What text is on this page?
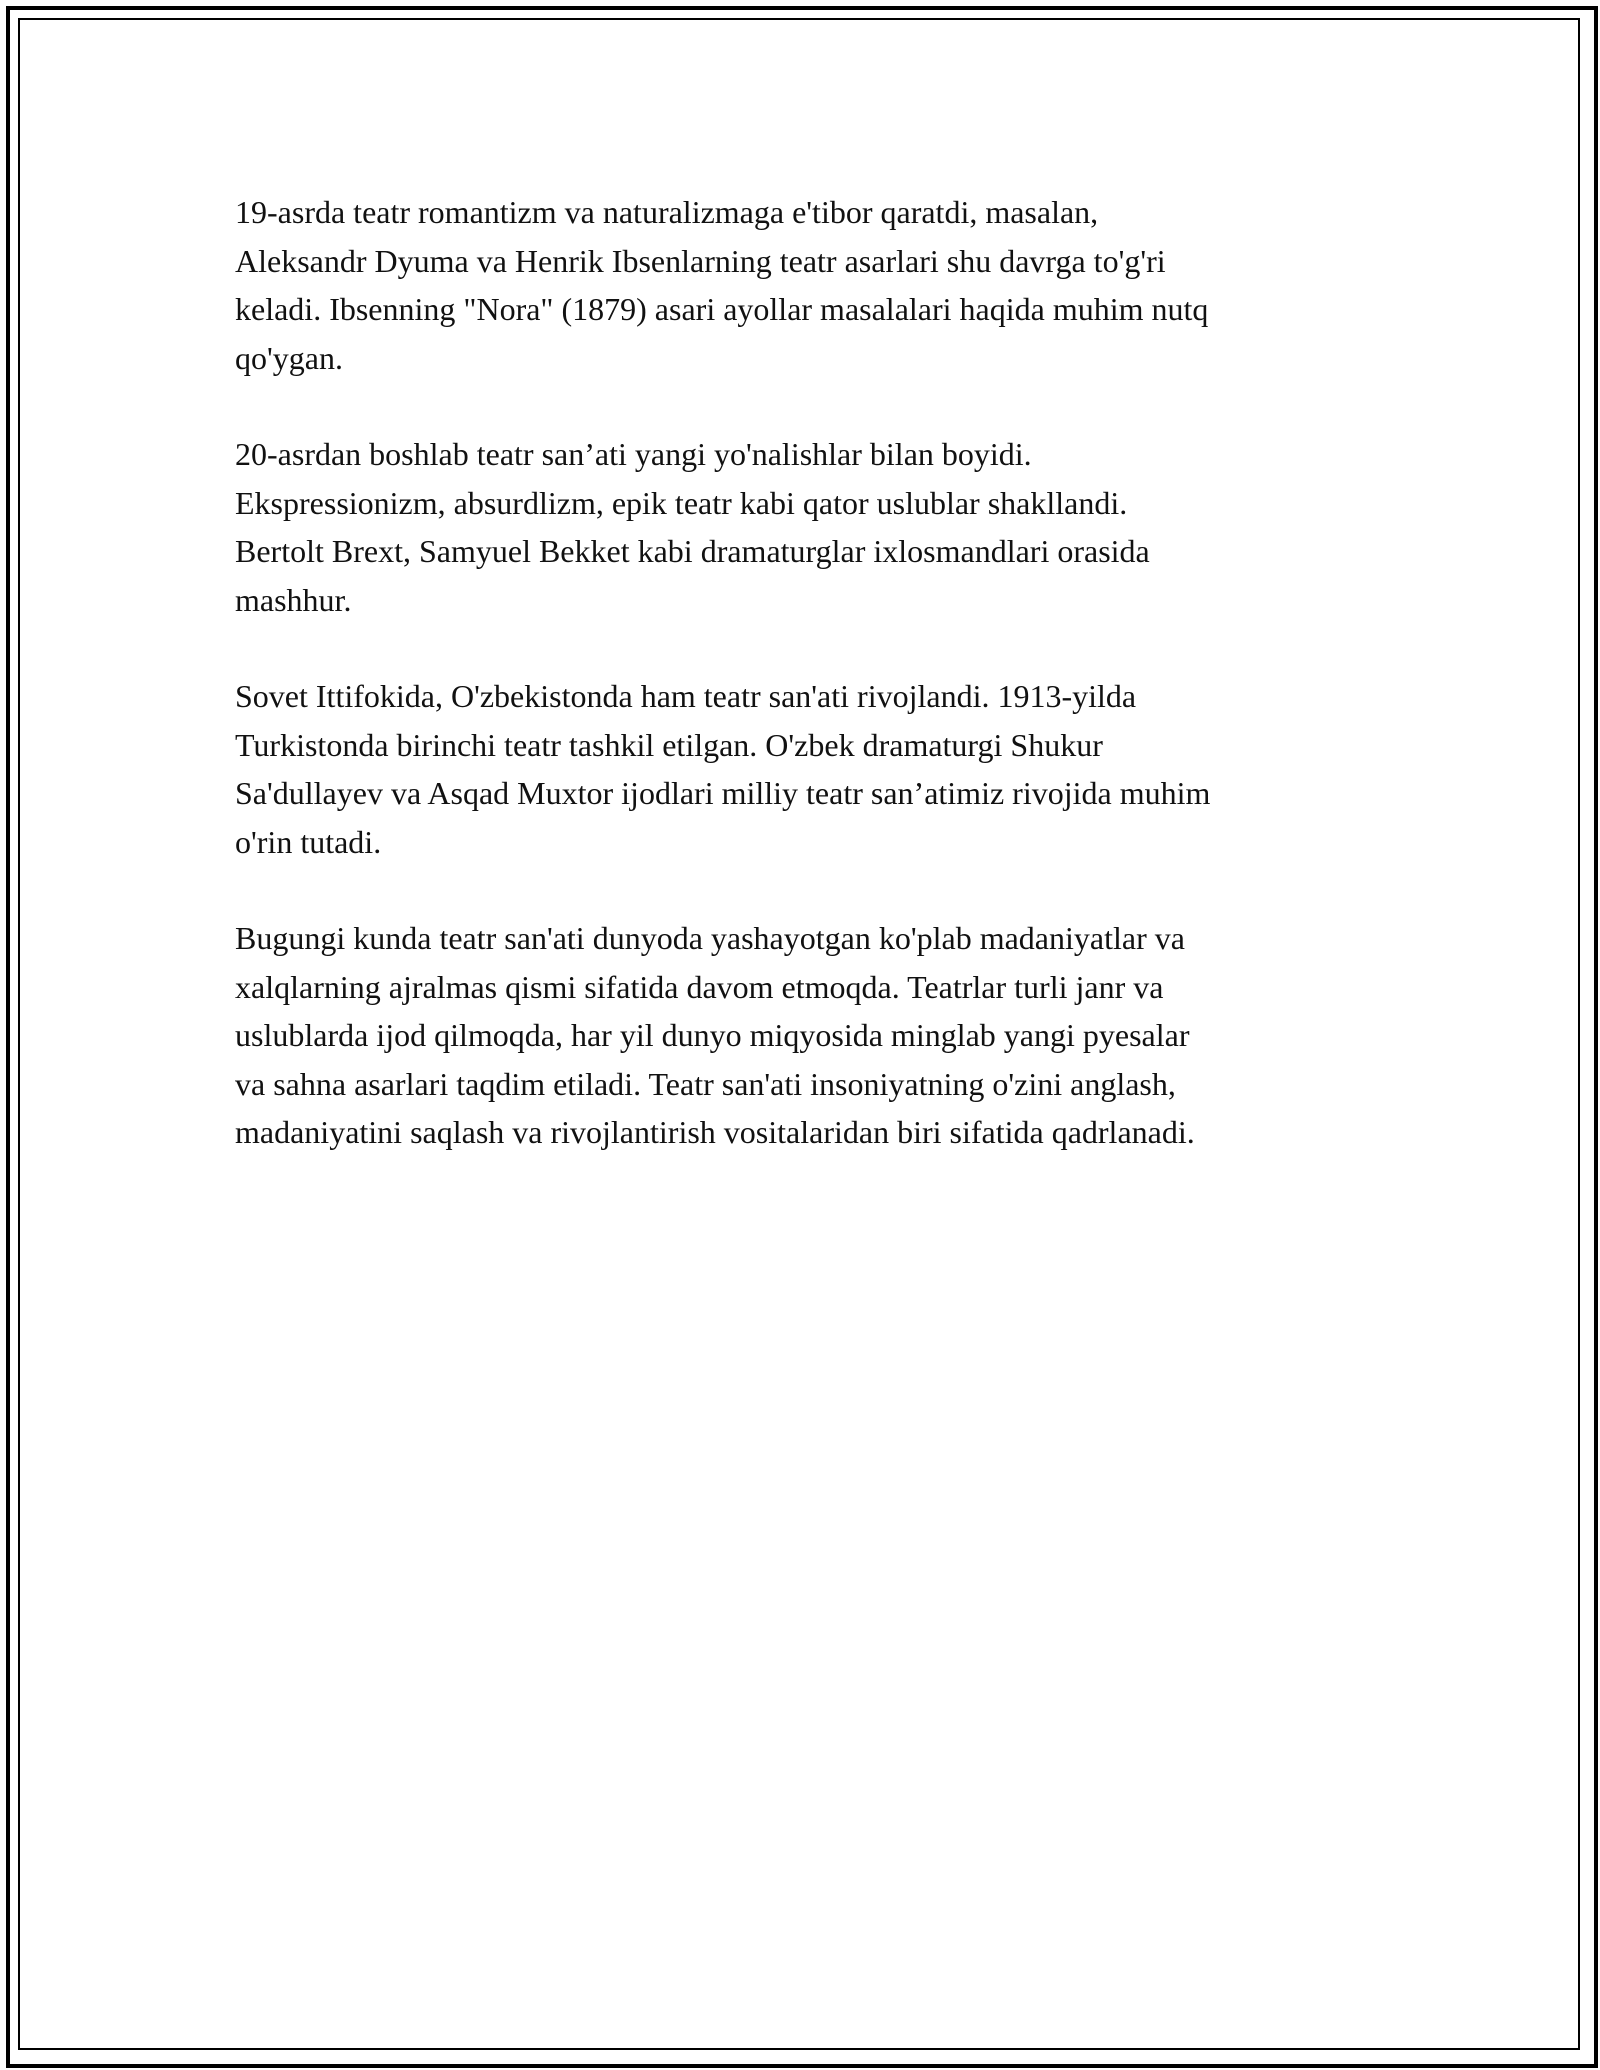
19-asrda teatr romantizm va naturalizmaga e'tibor qaratdi, masalan,
Aleksandr Dyuma va Henrik Ibsenlarning teatr asarlari shu davrga to'g'ri
keladi. Ibsenning "Nora" (1879) asari ayollar masalalari haqida muhim nutq
qo'ygan.

20-asrdan boshlab teatr san’ati yangi yo'nalishlar bilan boyidi.
Ekspressionizm, absurdlizm, epik teatr kabi qator uslublar shakllandi.
Bertolt Brext, Samyuel Bekket kabi dramaturglar ixlosmandlari orasida
mashhur.

Sovet Ittifokida, O'zbekistonda ham teatr san'ati rivojlandi. 1913-yilda
Turkistonda birinchi teatr tashkil etilgan. O'zbek dramaturgi Shukur
Sa'dullayev va Asqad Muxtor ijodlari milliy teatr san’atimiz rivojida muhim
o'rin tutadi.

Bugungi kunda teatr san'ati dunyoda yashayotgan ko'plab madaniyatlar va
xalqlarning ajralmas qismi sifatida davom etmoqda. Teatrlar turli janr va
uslublarda ijod qilmoqda, har yil dunyo miqyosida minglab yangi pyesalar
va sahna asarlari taqdim etiladi. Teatr san'ati insoniyatning o'zini anglash,
madaniyatini saqlash va rivojlantirish vositalaridan biri sifatida qadrlanadi.
